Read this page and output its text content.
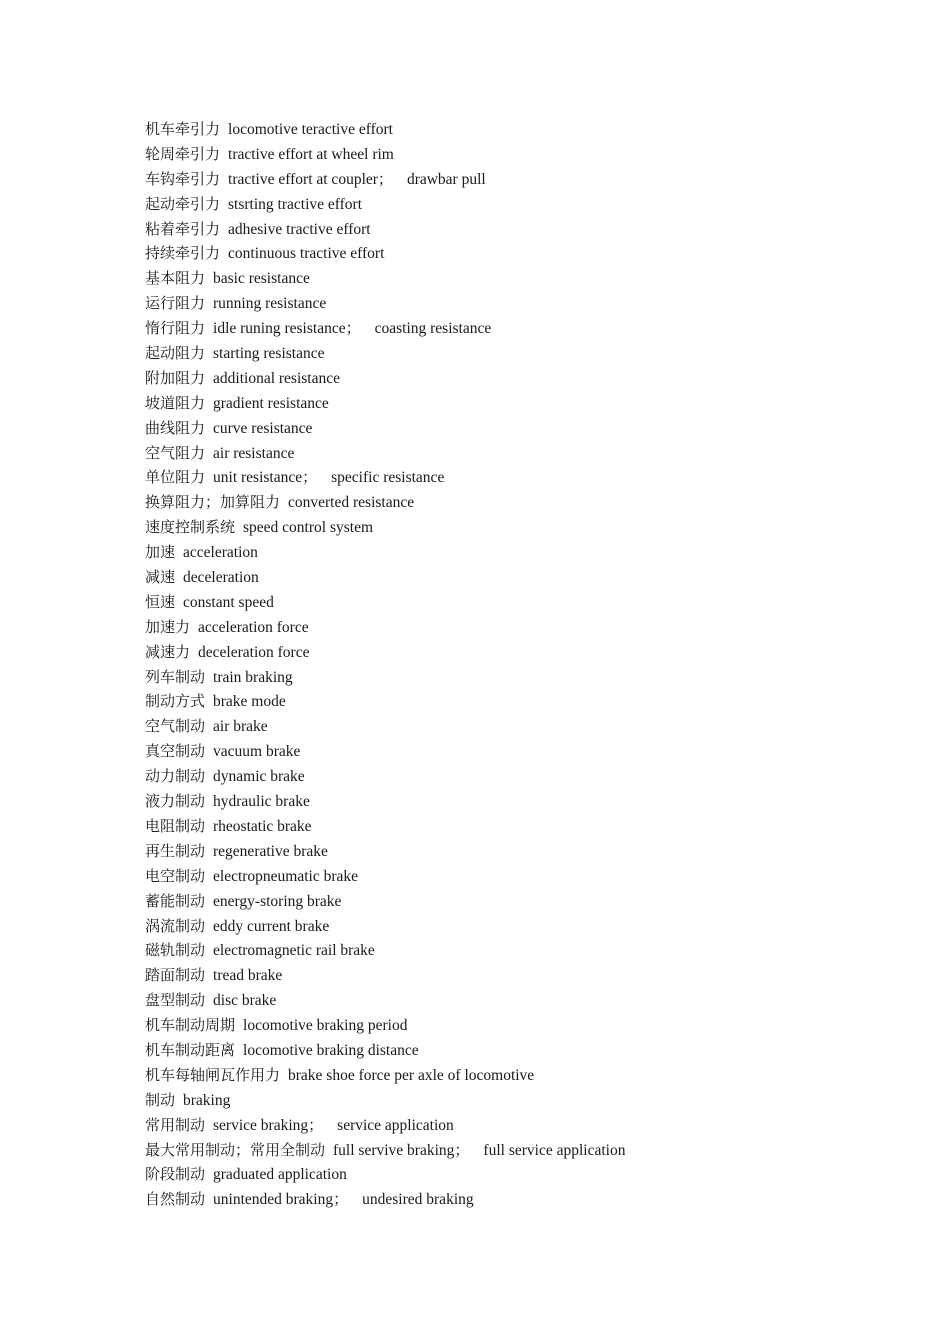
机车牵引力 locomotive teractive effort
轮周牵引力 tractive effort at wheel rim
车钩牵引力 tractive effort at coupler； drawbar pull
起动牵引力 stsrting tractive effort
粘着牵引力 adhesive tractive effort
持续牵引力 continuous tractive effort
基本阻力 basic resistance
运行阻力 running resistance
惰行阻力 idle runing resistance； coasting resistance
起动阻力 starting resistance
附加阻力 additional resistance
坡道阻力 gradient resistance
曲线阻力 curve resistance
空气阻力 air resistance
单位阻力 unit resistance； specific resistance
换算阻力；加算阻力 converted resistance
速度控制系统 speed control system
加速 acceleration
减速 deceleration
恒速 constant speed
加速力 acceleration force
减速力 deceleration force
列车制动 train braking
制动方式 brake mode
空气制动 air brake
真空制动 vacuum brake
动力制动 dynamic brake
液力制动 hydraulic brake
电阻制动 rheostatic brake
再生制动 regenerative brake
电空制动 electropneumatic brake
蓄能制动 energy-storing brake
涡流制动 eddy current brake
磁轨制动 electromagnetic rail brake
踏面制动 tread brake
盘型制动 disc brake
机车制动周期 locomotive braking period
机车制动距离 locomotive braking distance
机车每轴闸瓦作用力 brake shoe force per axle of locomotive
制动 braking
常用制动 service braking； service application
最大常用制动；常用全制动 full servive braking； full service application
阶段制动 graduated application
自然制动 unintended braking； undesired braking
